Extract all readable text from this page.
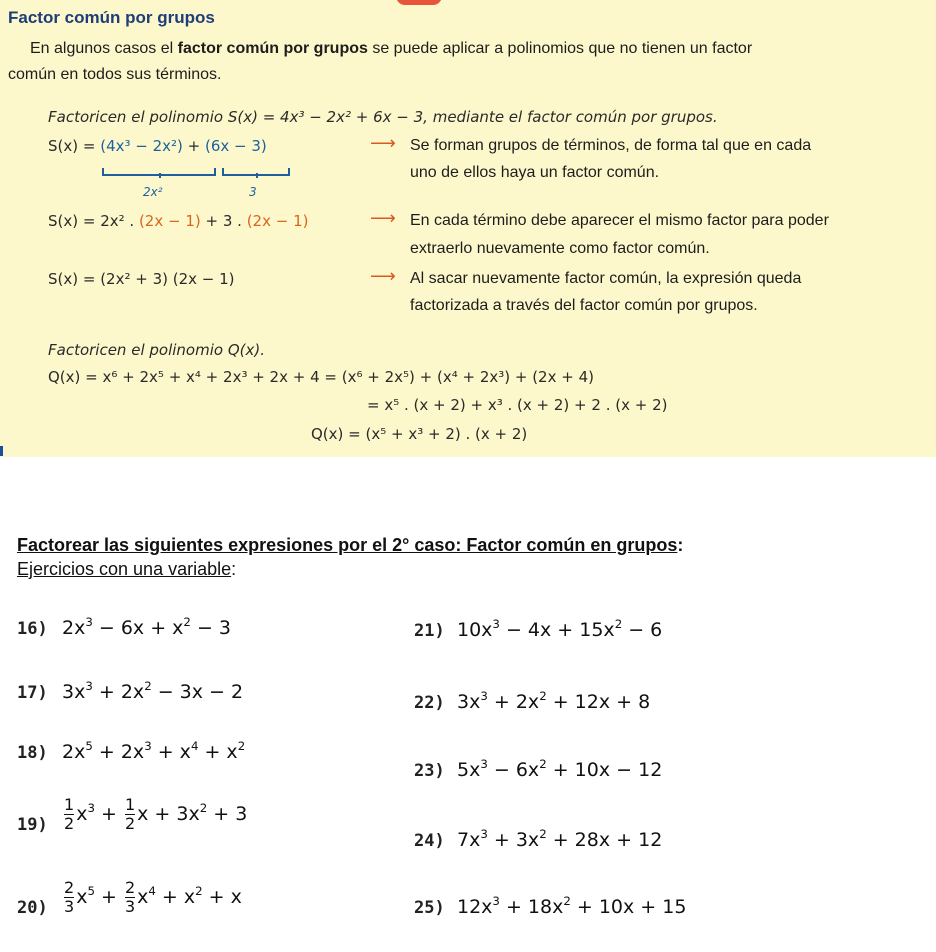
Factor común por grupos
En algunos casos el factor común por grupos se puede aplicar a polinomios que no tienen un factor
común en todos sus términos.
Factoricen el polinomio S(x) = 4x³ − 2x² + 6x − 3, mediante el factor común por grupos.
S(x) = (4x³ − 2x²) + (6x − 3)
2x²	3
⟶ Se forman grupos de términos, de forma tal que en cada
uno de ellos haya un factor común.
S(x) = 2x² . (2x − 1) + 3 . (2x − 1)	⟶ En cada término debe aparecer el mismo factor para poder
extraerlo nuevamente como factor común.
S(x) = (2x² + 3) (2x − 1)	⟶ Al sacar nuevamente factor común, la expresión queda
factorizada a través del factor común por grupos.
Factoricen el polinomio Q(x).
Q(x) = x⁶ + 2x⁵ + x⁴ + 2x³ + 2x + 4 = (x⁶ + 2x⁵) + (x⁴ + 2x³) + (2x + 4)
= x⁵ . (x + 2) + x³ . (x + 2) + 2 . (x + 2)
Q(x) = (x⁵ + x³ + 2) . (x + 2)
Factorear las siguientes expresiones por el 2° caso: Factor común en grupos:
Ejercicios con una variable:
16) $2x^3 - 6x + x^2 - 3$
17) $3x^3 + 2x^2 - 3x - 2$
18) $2x^5 + 2x^3 + x^4 + x^2$
$19) \frac{1}{2} x^3 + \frac{1}{2}$ $x + 3x^2 + 3$
$20) \frac{2}{3} x^5 + \frac{2}{3} x^4 + x^2 + x$
21) $10x^3 - 4x + 15x^2 - 6$
22) $3x^3 + 2x^2 + 12x + 8$
23) $5x^3 - 6x^2 + 10x - 12$
24) $7x^3 + 3x^2 + 28x + 12$
25) $12x^3 + 18x^2 + 10x + 15$
